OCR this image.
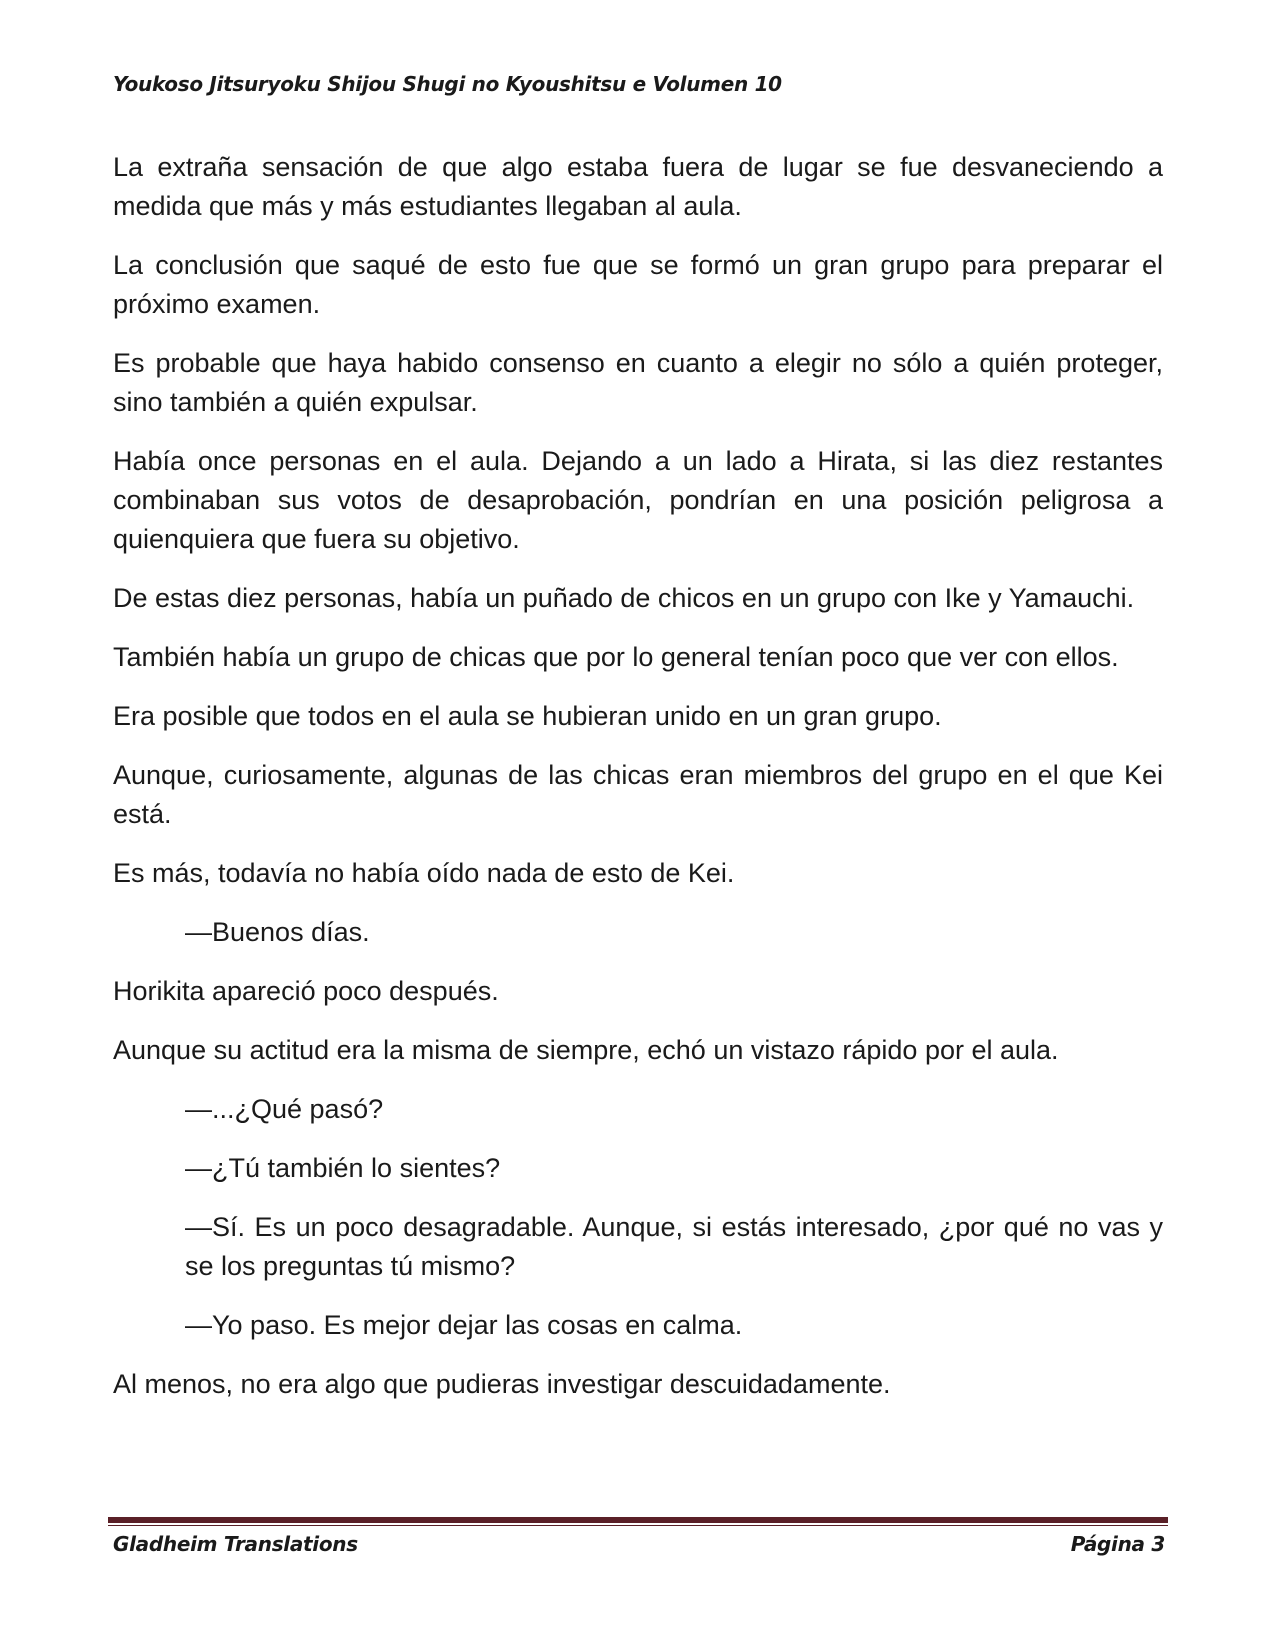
Youkoso Jitsuryoku Shijou Shugi no Kyoushitsu e Volumen 10

La extraña sensación de que algo estaba fuera de lugar se fue desvaneciendo a medida que más y más estudiantes llegaban al aula.

La conclusión que saqué de esto fue que se formó un gran grupo para preparar el próximo examen.

Es probable que haya habido consenso en cuanto a elegir no sólo a quién proteger, sino también a quién expulsar.

Había once personas en el aula. Dejando a un lado a Hirata, si las diez restantes combinaban sus votos de desaprobación, pondrían en una posición peligrosa a quienquiera que fuera su objetivo.

De estas diez personas, había un puñado de chicos en un grupo con Ike y Yamauchi.

También había un grupo de chicas que por lo general tenían poco que ver con ellos.

Era posible que todos en el aula se hubieran unido en un gran grupo.

Aunque, curiosamente, algunas de las chicas eran miembros del grupo en el que Kei está.

Es más, todavía no había oído nada de esto de Kei.

—Buenos días.

Horikita apareció poco después.

Aunque su actitud era la misma de siempre, echó un vistazo rápido por el aula.

—...¿Qué pasó?

—¿Tú también lo sientes?

—Sí. Es un poco desagradable. Aunque, si estás interesado, ¿por qué no vas y se los preguntas tú mismo?

—Yo paso. Es mejor dejar las cosas en calma.

Al menos, no era algo que pudieras investigar descuidadamente.

Gladheim Translations	Página 3
